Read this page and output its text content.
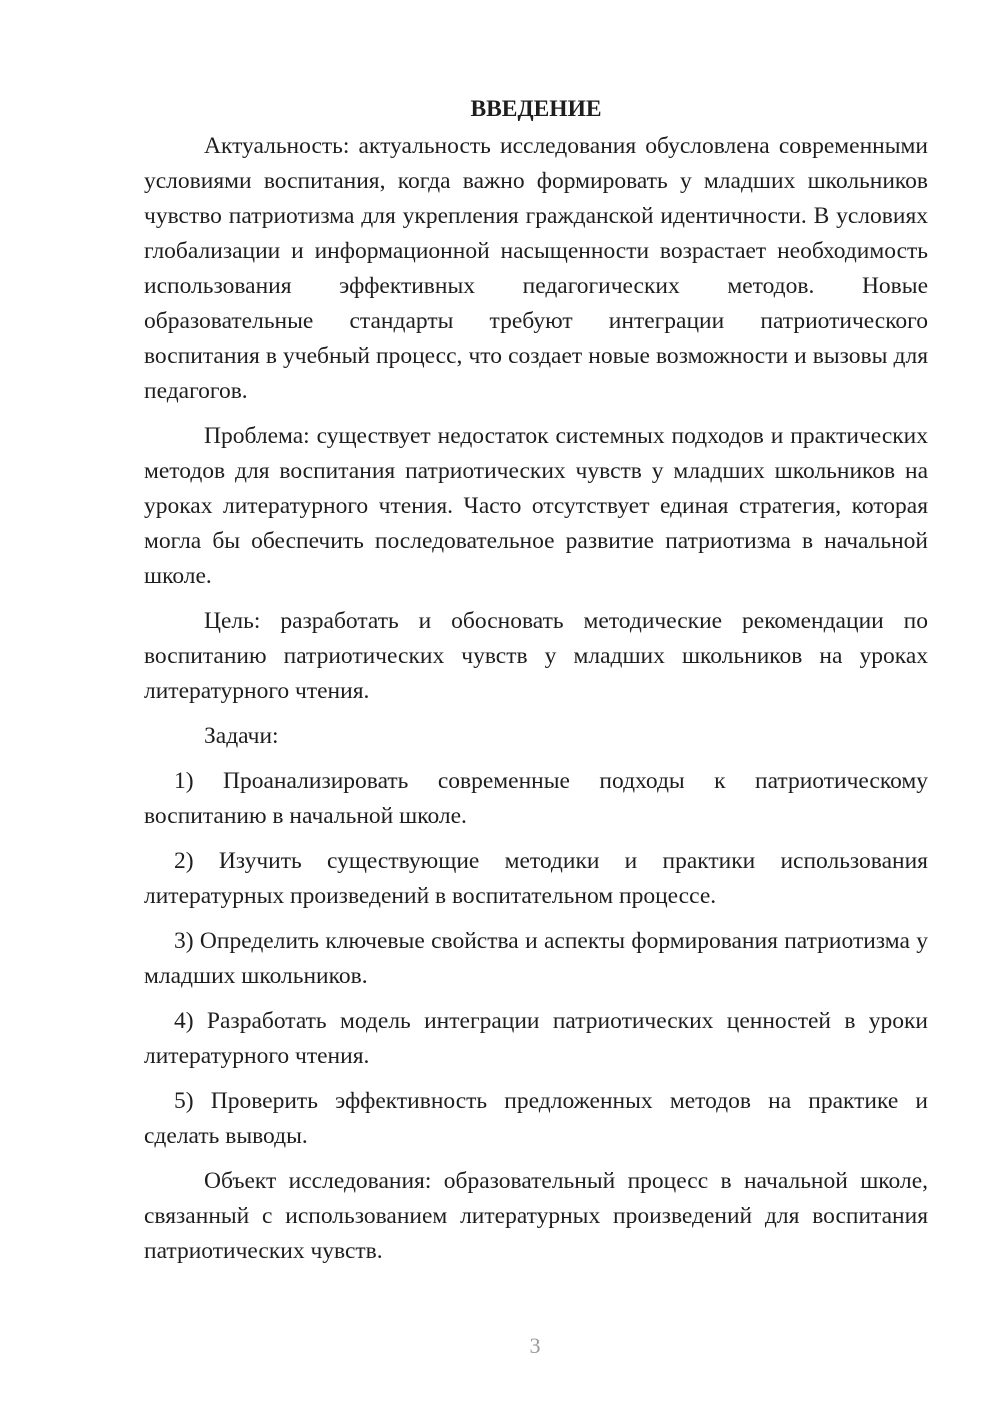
ВВЕДЕНИЕ

Актуальность: актуальность исследования обусловлена современными условиями воспитания, когда важно формировать у младших школьников чувство патриотизма для укрепления гражданской идентичности. В условиях глобализации и информационной насыщенности возрастает необходимость использования эффективных педагогических методов. Новые образовательные стандарты требуют интеграции патриотического воспитания в учебный процесс, что создает новые возможности и вызовы для педагогов.

Проблема: существует недостаток системных подходов и практических методов для воспитания патриотических чувств у младших школьников на уроках литературного чтения. Часто отсутствует единая стратегия, которая могла бы обеспечить последовательное развитие патриотизма в начальной школе.

Цель: разработать и обосновать методические рекомендации по воспитанию патриотических чувств у младших школьников на уроках литературного чтения.

Задачи:

1) Проанализировать современные подходы к патриотическому воспитанию в начальной школе.

2) Изучить существующие методики и практики использования литературных произведений в воспитательном процессе.

3) Определить ключевые свойства и аспекты формирования патриотизма у младших школьников.

4) Разработать модель интеграции патриотических ценностей в уроки литературного чтения.

5) Проверить эффективность предложенных методов на практике и сделать выводы.

Объект исследования: образовательный процесс в начальной школе, связанный с использованием литературных произведений для воспитания патриотических чувств.

3
